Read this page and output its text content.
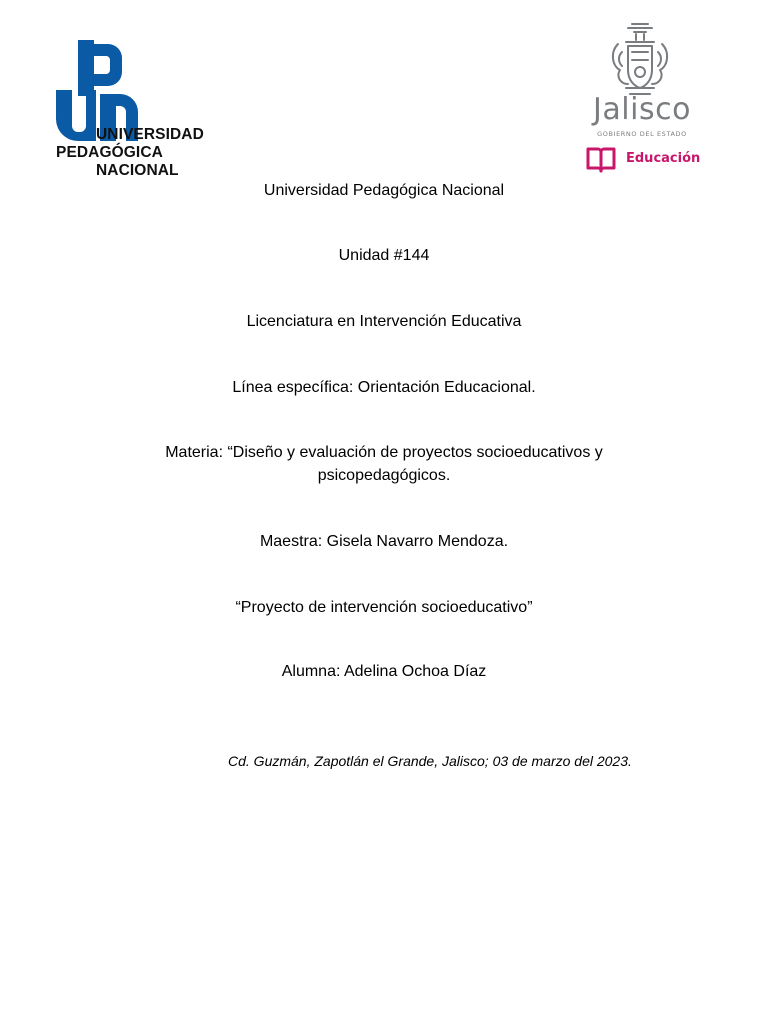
UNIVERSIDAD
PEDAGÓGICA
NACIONAL
Jalisco
GOBIERNO DEL ESTADO
Educación
Universidad Pedagógica Nacional
Unidad #144
Licenciatura en Intervención Educativa
Línea específica: Orientación Educacional.
Materia: “Diseño y evaluación de proyectos socioeducativos y
psicopedagógicos.
Maestra: Gisela Navarro Mendoza.
“Proyecto de intervención socioeducativo”
Alumna: Adelina Ochoa Díaz
Cd. Guzmán, Zapotlán el Grande, Jalisco; 03 de marzo del 2023.
